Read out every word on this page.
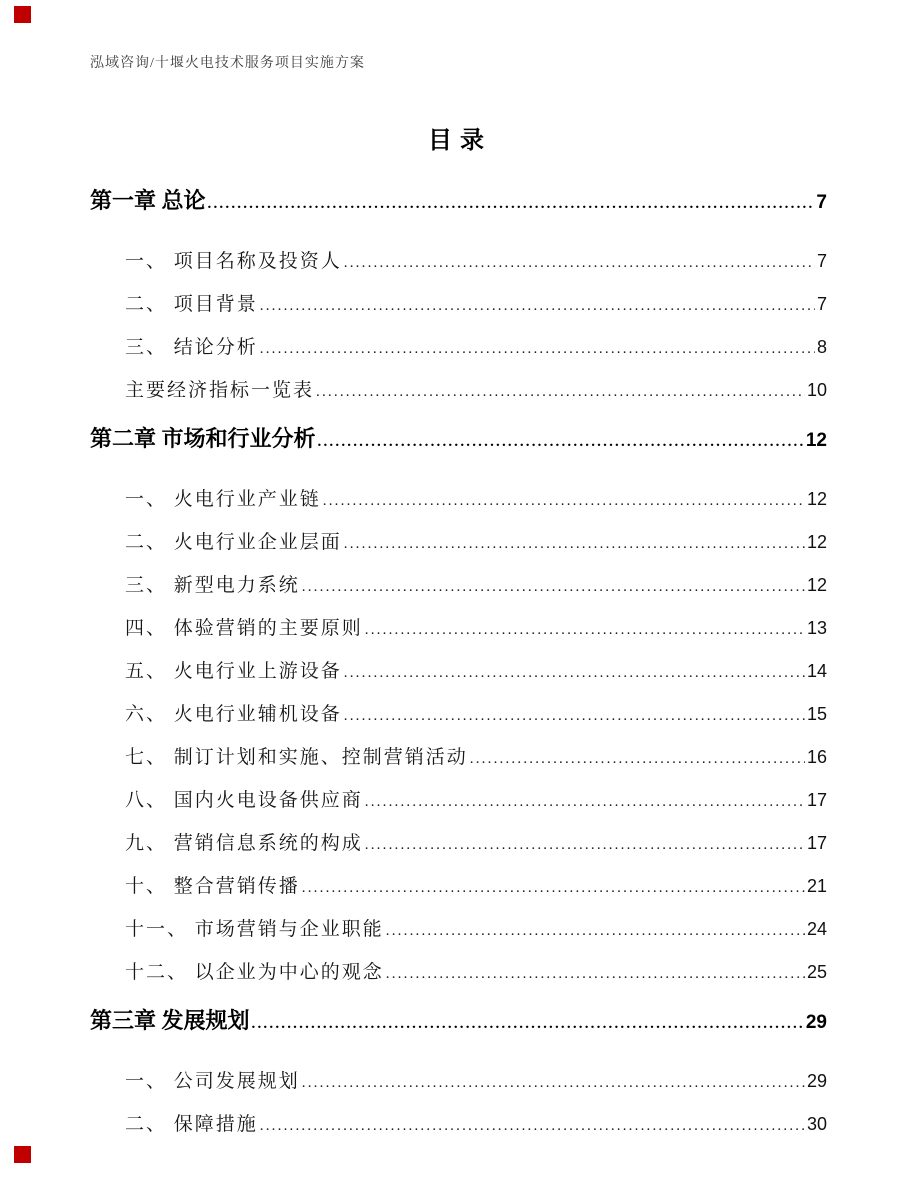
泓域咨询/十堰火电技术服务项目实施方案
目录
第一章 总论 .....	7
一、 项目名称及投资人 .....	7
二、 项目背景 .....	7
三、 结论分析 .....	8
主要经济指标一览表 .....	10
第二章 市场和行业分析 .....	12
一、 火电行业产业链 .....	12
二、 火电行业企业层面 .....	12
三、 新型电力系统 .....	12
四、 体验营销的主要原则 .....	13
五、 火电行业上游设备 .....	14
六、 火电行业辅机设备 .....	15
七、 制订计划和实施、控制营销活动 .....	16
八、 国内火电设备供应商 .....	17
九、 营销信息系统的构成 .....	17
十、 整合营销传播 .....	21
十一、 市场营销与企业职能 .....	24
十二、 以企业为中心的观念 .....	25
第三章 发展规划 .....	29
一、 公司发展规划 .....	29
二、 保障措施 .....	30
